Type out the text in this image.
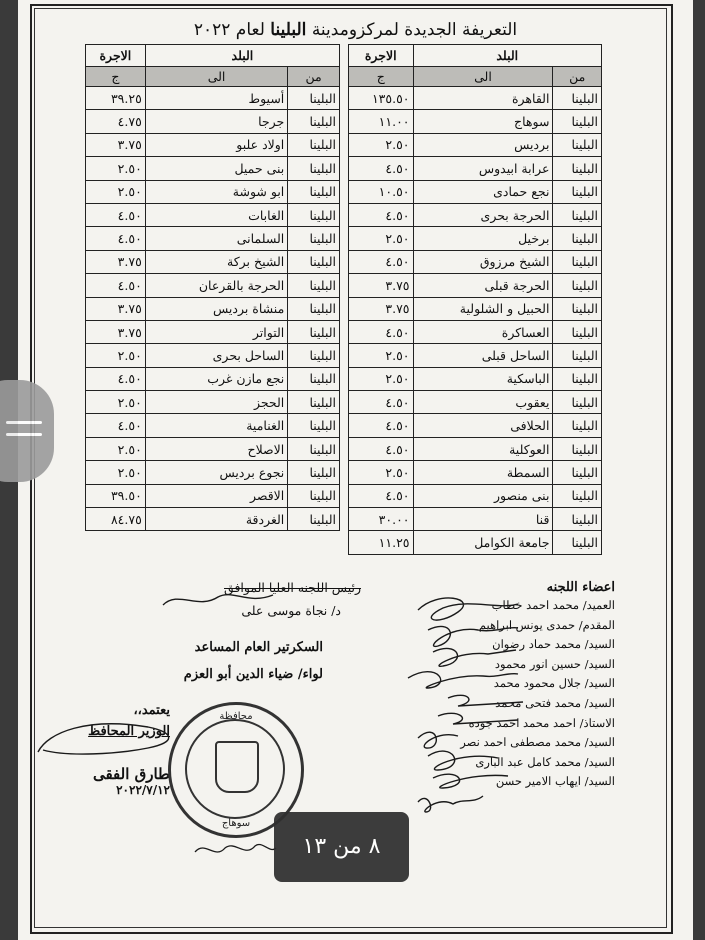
التعريفة الجديدة لمركزومدينة البلينا لعام ٢٠٢٢
البلد		الاجرة
من	الى	ج
البلينا	القاهرة	١٣٥.٥٠
البلينا	سوهاج	١١.٠٠
البلينا	برديس	٢.٥٠
البلينا	عرابة ابيدوس	٤.٥٠
البلينا	نجع حمادى	١٠.٥٠
البلينا	الحرجة بحرى	٤.٥٠
البلينا	برخيل	٢.٥٠
البلينا	الشيخ مرزوق	٤.٥٠
البلينا	الحرجة قبلى	٣.٧٥
البلينا	الحبيل و الشلولية	٣.٧٥
البلينا	العساكرة	٤.٥٠
البلينا	الساحل قبلى	٢.٥٠
البلينا	الباسكية	٢.٥٠
البلينا	يعقوب	٤.٥٠
البلينا	الحلافى	٤.٥٠
البلينا	العوكلية	٤.٥٠
البلينا	السمطة	٢.٥٠
البلينا	بنى منصور	٤.٥٠
البلينا	قنا	٣٠.٠٠
البلينا	جامعة الكوامل	١١.٢٥
البلد		الاجرة
من	الى	ج
البلينا	أسيوط	٣٩.٢٥
البلينا	جرجا	٤.٧٥
البلينا	اولاد علبو	٣.٧٥
البلينا	بنى حميل	٢.٥٠
البلينا	ابو شوشة	٢.٥٠
البلينا	الغابات	٤.٥٠
البلينا	السلمانى	٤.٥٠
البلينا	الشيخ بركة	٣.٧٥
البلينا	الحرجة بالقرعان	٤.٥٠
البلينا	منشاة برديس	٣.٧٥
البلينا	التواتر	٣.٧٥
البلينا	الساحل بحرى	٢.٥٠
البلينا	نجع مازن غرب	٤.٥٠
البلينا	الحجز	٢.٥٠
البلينا	الغنامية	٤.٥٠
البلينا	الاصلاح	٢.٥٠
البلينا	نجوع برديس	٢.٥٠
البلينا	الاقصر	٣٩.٥٠
البلينا	الغردقة	٨٤.٧٥
اعضاء اللجنه
العميد/ محمد احمد خطاب
المقدم/ حمدى يونس ابراهيم
السيد/ محمد حماد رضوان
السيد/ حسين انور محمود
السيد/ جلال محمود محمد
السيد/ محمد فتحى محمد
الاستاذ/ احمد محمد احمد جوده
السيد/ محمد مصطفى احمد نصر
السيد/ محمد كامل عبد البارى
السيد/ ايهاب الامير حسن
رئيس اللجنه العليا الموافق
د/ نجاة موسى على
السكرتير العام المساعد
لواء/ ضياء الدين أبو العزم
يعتمد،،
الوزير المحافظ
طارق الفقى
٢٠٢٢/٧/١٢
محافظة
سوهاج
٨ من ١٣
